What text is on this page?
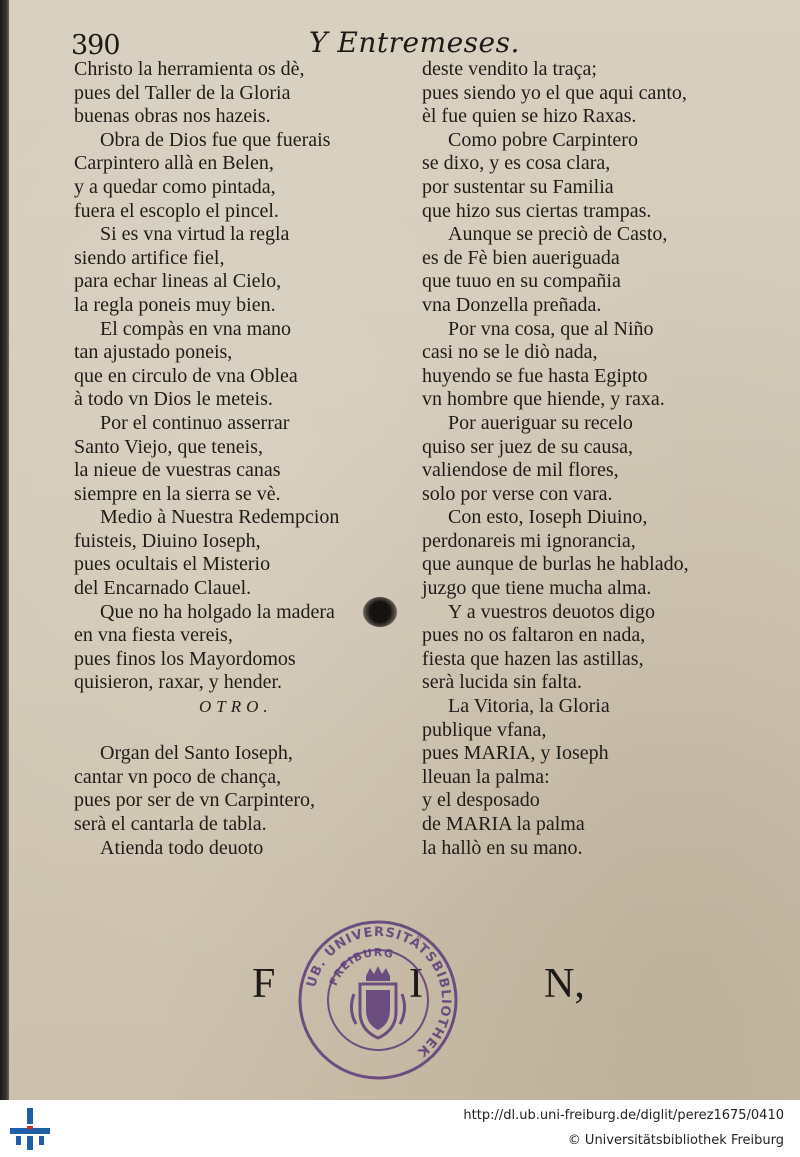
390	Y Entremeses.
Christo la herramienta os dè,
pues del Taller de la Gloria
buenas obras nos hazeis.
Obra de Dios fue que fuerais
Carpintero allà en Belen,
y a quedar como pintada,
fuera el escoplo el pincel.
Si es vna virtud la regla
siendo artifice fiel,
para echar lineas al Cielo,
la regla poneis muy bien.
El compàs en vna mano
tan ajustado poneis,
que en circulo de vna Oblea
à todo vn Dios le meteis.
Por el continuo asserrar
Santo Viejo, que teneis,
la nieue de vuestras canas
siempre en la sierra se vè.
Medio à Nuestra Redempcion
fuisteis, Diuino Ioseph,
pues ocultais el Misterio
del Encarnado Clauel.
Que no ha holgado la madera
en vna fiesta vereis,
pues finos los Mayordomos
quisieron, raxar, y hender.
OTRO.
Organ del Santo Ioseph,
cantar vn poco de chança,
pues por ser de vn Carpintero,
serà el cantarla de tabla.
Atienda todo deuoto
deste vendito la traça;
pues siendo yo el que aqui canto,
èl fue quien se hizo Raxas.
Como pobre Carpintero
se dixo, y es cosa clara,
por sustentar su Familia
que hizo sus ciertas trampas.
Aunque se preciò de Casto,
es de Fè bien aueriguada
que tuuo en su compañia
vna Donzella preñada.
Por vna cosa, que al Niño
casi no se le diò nada,
huyendo se fue hasta Egipto
vn hombre que hiende, y raxa.
Por aueriguar su recelo
quiso ser juez de su causa,
valiendose de mil flores,
solo por verse con vara.
Con esto, Ioseph Diuino,
perdonareis mi ignorancia,
que aunque de burlas he hablado,
juzgo que tiene mucha alma.
Y a vuestros deuotos digo
pues no os faltaron en nada,
fiesta que hazen las astillas,
serà lucida sin falta.
La Vitoria, la Gloria
publique vfana,
pues MARIA, y Ioseph
lleuan la palma:
y el desposado
de MARIA la palma
la hallò en su mano.
F	I	N,
UB. UNIVERSITÄTSBIBLIOTHEK
FREIBURG
http://dl.ub.uni-freiburg.de/diglit/perez1675/0410
© Universitätsbibliothek Freiburg
